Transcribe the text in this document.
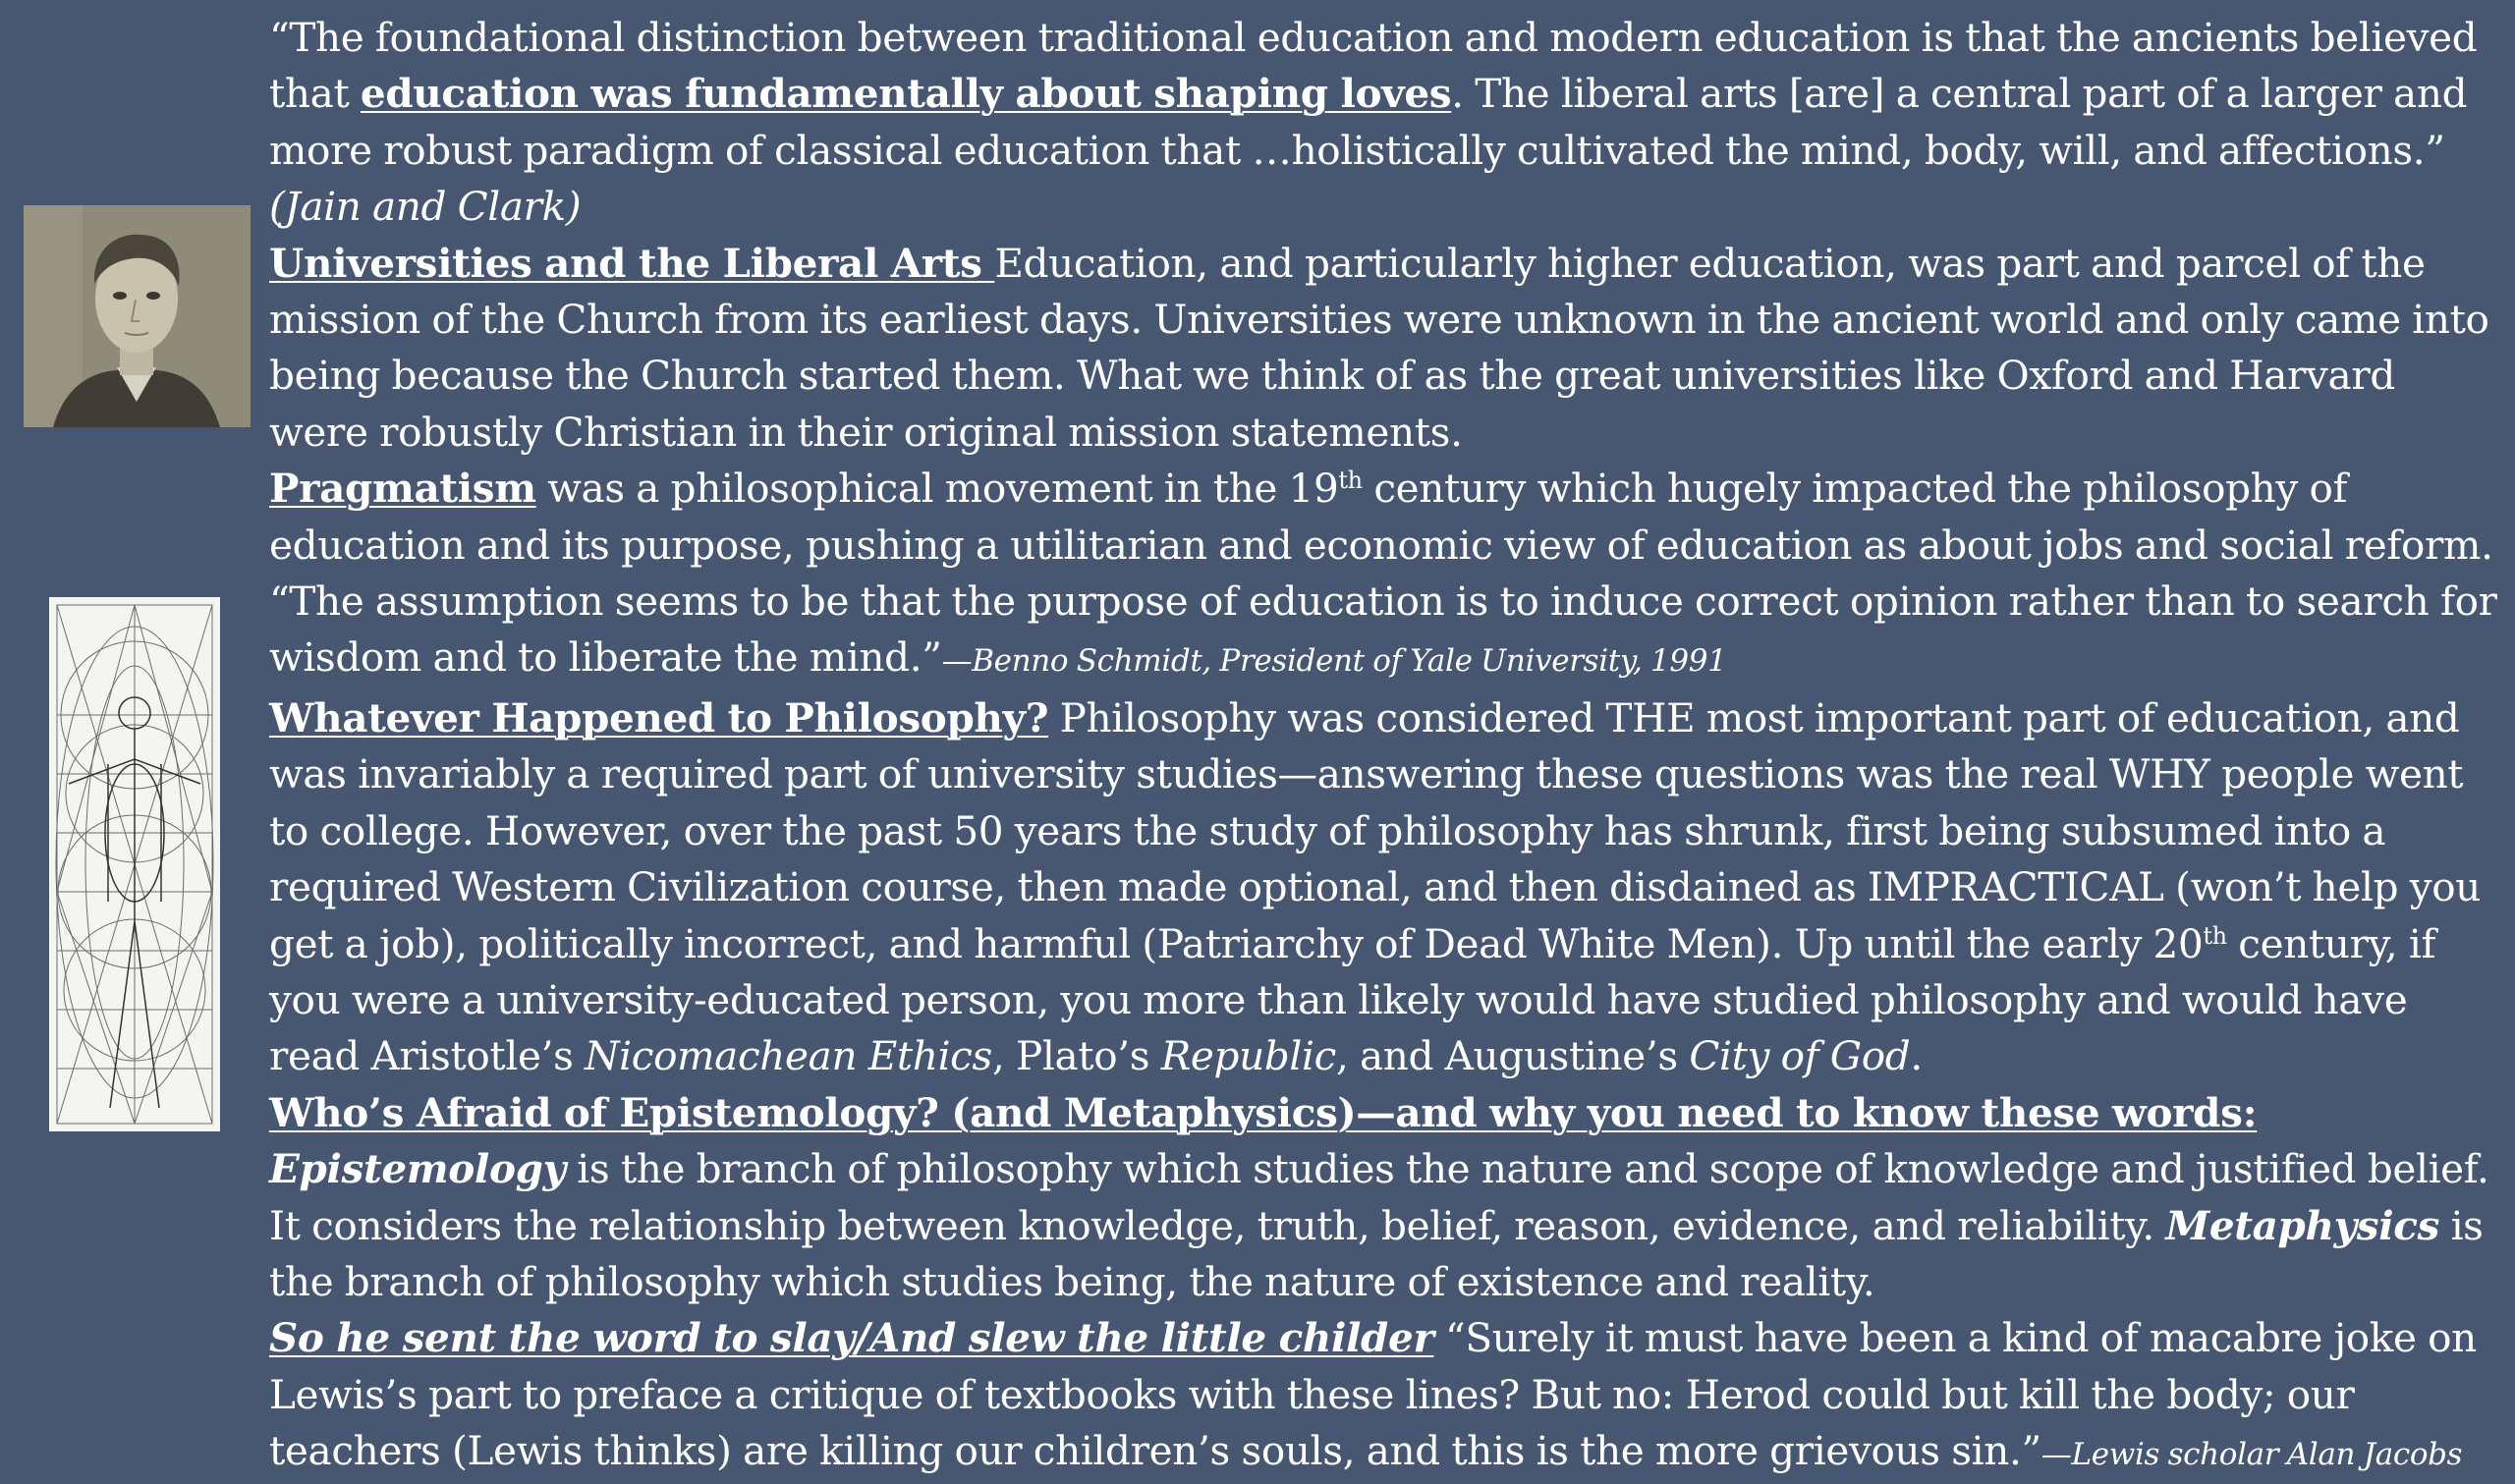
“The foundational distinction between traditional education and modern education is that the ancients believed that education was fundamentally about shaping loves. The liberal arts [are] a central part of a larger and more robust paradigm of classical education that …holistically cultivated the mind, body, will, and affections.” (Jain and Clark)

Universities and the Liberal Arts Education, and particularly higher education, was part and parcel of the mission of the Church from its earliest days. Universities were unknown in the ancient world and only came into being because the Church started them. What we think of as the great universities like Oxford and Harvard were robustly Christian in their original mission statements.

Pragmatism was a philosophical movement in the 19th century which hugely impacted the philosophy of education and its purpose, pushing a utilitarian and economic view of education as about jobs and social reform. “The assumption seems to be that the purpose of education is to induce correct opinion rather than to search for wisdom and to liberate the mind.”—Benno Schmidt, President of Yale University, 1991

Whatever Happened to Philosophy? Philosophy was considered THE most important part of education, and was invariably a required part of university studies—answering these questions was the real WHY people went to college. However, over the past 50 years the study of philosophy has shrunk, first being subsumed into a required Western Civilization course, then made optional, and then disdained as IMPRACTICAL (won’t help you get a job), politically incorrect, and harmful (Patriarchy of Dead White Men). Up until the early 20th century, if you were a university-educated person, you more than likely would have studied philosophy and would have read Aristotle’s Nicomachean Ethics, Plato’s Republic, and Augustine’s City of God.

Who’s Afraid of Epistemology? (and Metaphysics)—and why you need to know these words: Epistemology is the branch of philosophy which studies the nature and scope of knowledge and justified belief. It considers the relationship between knowledge, truth, belief, reason, evidence, and reliability. Metaphysics is the branch of philosophy which studies being, the nature of existence and reality.

So he sent the word to slay/And slew the little childer “Surely it must have been a kind of macabre joke on Lewis’s part to preface a critique of textbooks with these lines? But no: Herod could but kill the body; our teachers (Lewis thinks) are killing our children’s souls, and this is the more grievous sin.”—Lewis scholar Alan Jacobs
